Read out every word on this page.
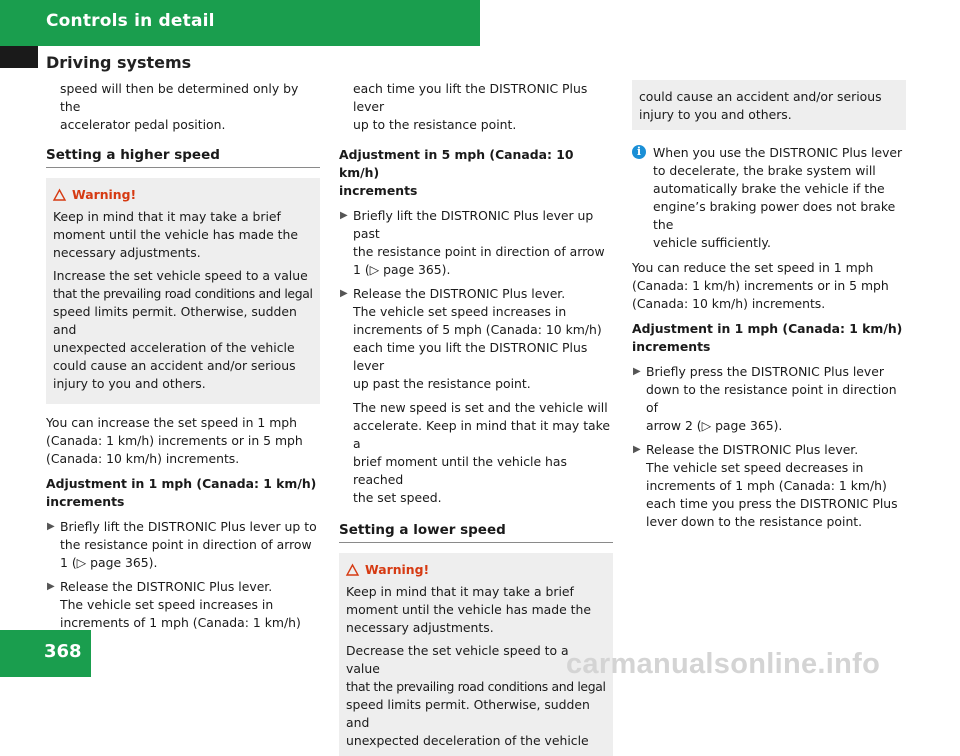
Controls in detail
Driving systems
speed will then be determined only by the
accelerator pedal position.
Setting a higher speed
Warning!
Keep in mind that it may take a brief
moment until the vehicle has made the
necessary adjustments.
Increase the set vehicle speed to a value
that the prevailing road conditions and legal
speed limits permit. Otherwise, sudden and
unexpected acceleration of the vehicle
could cause an accident and/or serious
injury to you and others.
You can increase the set speed in 1 mph
(Canada: 1 km/h) increments or in 5 mph
(Canada: 10 km/h) increments.
Adjustment in 1 mph (Canada: 1 km/h)
increments
▶ Briefly lift the DISTRONIC Plus lever up to
the resistance point in direction of arrow
1 (▷ page 365).
▶ Release the DISTRONIC Plus lever.
The vehicle set speed increases in
increments of 1 mph (Canada: 1 km/h)
each time you lift the DISTRONIC Plus lever
up to the resistance point.
Adjustment in 5 mph (Canada: 10 km/h)
increments
▶ Briefly lift the DISTRONIC Plus lever up past
the resistance point in direction of arrow
1 (▷ page 365).
▶ Release the DISTRONIC Plus lever.
The vehicle set speed increases in
increments of 5 mph (Canada: 10 km/h)
each time you lift the DISTRONIC Plus lever
up past the resistance point.
The new speed is set and the vehicle will
accelerate. Keep in mind that it may take a
brief moment until the vehicle has reached
the set speed.
Setting a lower speed
Warning!
Keep in mind that it may take a brief
moment until the vehicle has made the
necessary adjustments.
Decrease the set vehicle speed to a value
that the prevailing road conditions and legal
speed limits permit. Otherwise, sudden and
unexpected deceleration of the vehicle
could cause an accident and/or serious
injury to you and others.
i When you use the DISTRONIC Plus lever
to decelerate, the brake system will
automatically brake the vehicle if the
engine’s braking power does not brake the
vehicle sufficiently.
You can reduce the set speed in 1 mph
(Canada: 1 km/h) increments or in 5 mph
(Canada: 10 km/h) increments.
Adjustment in 1 mph (Canada: 1 km/h)
increments
▶ Briefly press the DISTRONIC Plus lever
down to the resistance point in direction of
arrow 2 (▷ page 365).
▶ Release the DISTRONIC Plus lever.
The vehicle set speed decreases in
increments of 1 mph (Canada: 1 km/h)
each time you press the DISTRONIC Plus
lever down to the resistance point.
368	carmanualsonline.info
